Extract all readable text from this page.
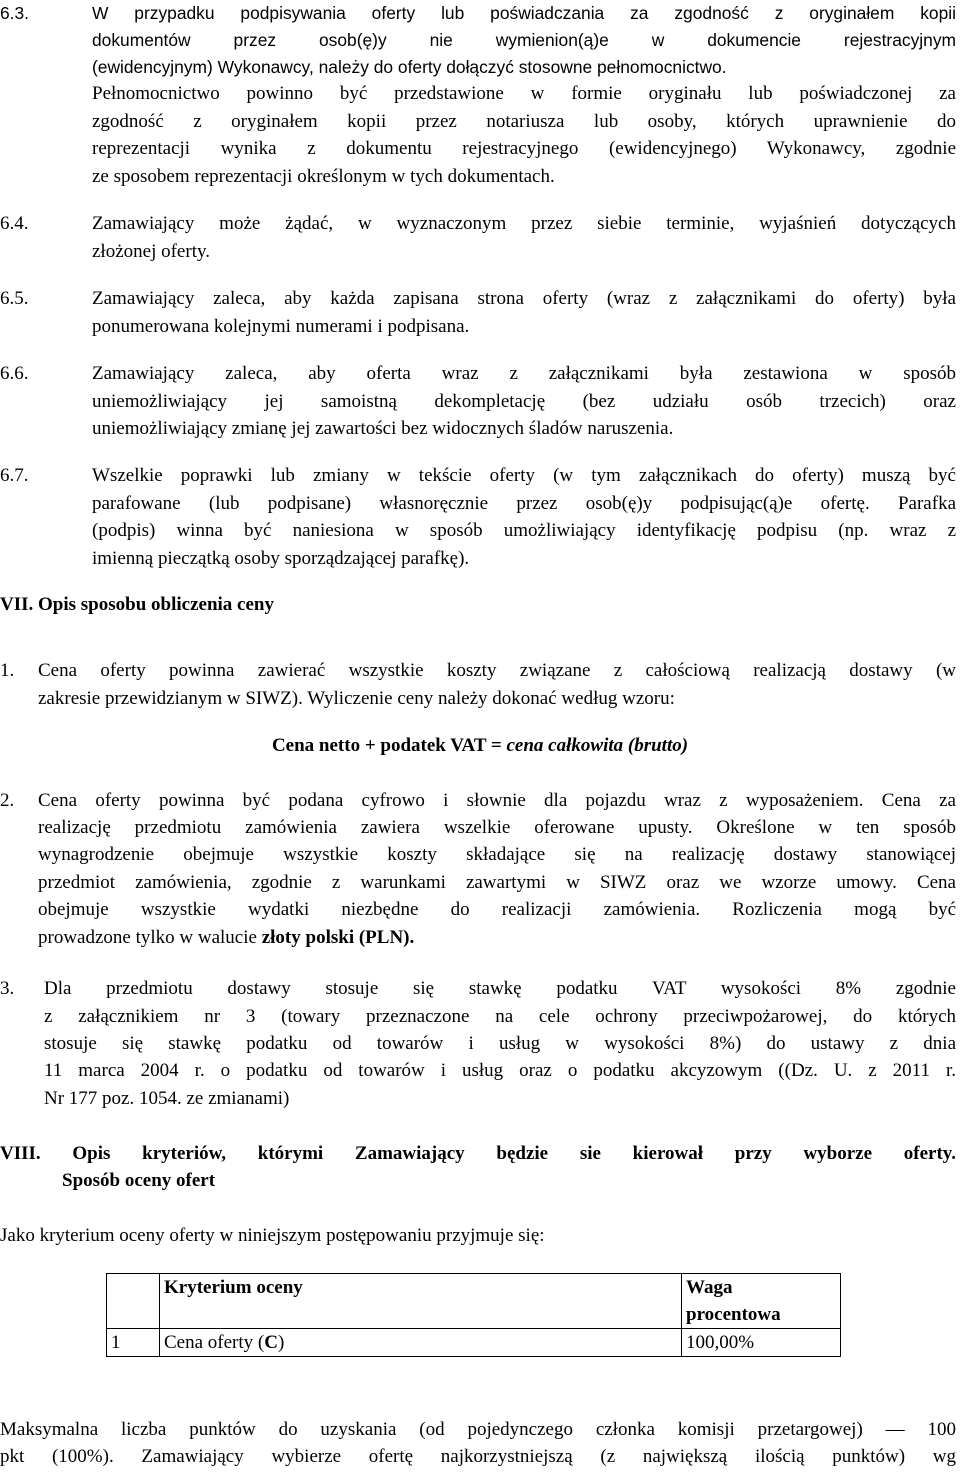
6.3.	W przypadku podpisywania oferty lub poświadczania za zgodność z oryginałem kopii
dokumentów przez osob(ę)y nie wymienion(ą)e w dokumencie rejestracyjnym
(ewidencyjnym) Wykonawcy, należy do oferty dołączyć stosowne pełnomocnictwo.
Pełnomocnictwo powinno być przedstawione w formie oryginału lub poświadczonej za
zgodność z oryginałem kopii przez notariusza lub osoby, których uprawnienie do
reprezentacji wynika z dokumentu rejestracyjnego (ewidencyjnego) Wykonawcy, zgodnie
ze sposobem reprezentacji określonym w tych dokumentach.
6.4.	Zamawiający może żądać, w wyznaczonym przez siebie terminie, wyjaśnień dotyczących
złożonej oferty.
6.5.	Zamawiający zaleca, aby każda zapisana strona oferty (wraz z załącznikami do oferty) była
ponumerowana kolejnymi numerami i podpisana.
6.6.	Zamawiający zaleca, aby oferta wraz z załącznikami była zestawiona w sposób
uniemożliwiający jej samoistną dekompletację (bez udziału osób trzecich) oraz
uniemożliwiający zmianę jej zawartości bez widocznych śladów naruszenia.
6.7.	Wszelkie poprawki lub zmiany w tekście oferty (w tym załącznikach do oferty) muszą być
parafowane (lub podpisane) własnoręcznie przez osob(ę)y podpisując(ą)e ofertę. Parafka
(podpis) winna być naniesiona w sposób umożliwiający identyfikację podpisu (np. wraz z
imienną pieczątką osoby sporządzającej parafkę).
VII. Opis sposobu obliczenia ceny
1. Cena oferty powinna zawierać wszystkie koszty związane z całościową realizacją dostawy (w
zakresie przewidzianym w SIWZ). Wyliczenie ceny należy dokonać według wzoru:
Cena netto + podatek VAT = cena całkowita (brutto)
2. Cena oferty powinna być podana cyfrowo i słownie dla pojazdu wraz z wyposażeniem. Cena za
realizację przedmiotu zamówienia zawiera wszelkie oferowane upusty. Określone w ten sposób
wynagrodzenie obejmuje wszystkie koszty składające się na realizację dostawy stanowiącej
przedmiot zamówienia, zgodnie z warunkami zawartymi w SIWZ oraz we wzorze umowy. Cena
obejmuje wszystkie wydatki niezbędne do realizacji zamówienia. Rozliczenia mogą być
prowadzone tylko w walucie złoty polski (PLN).
3. Dla przedmiotu dostawy stosuje się stawkę podatku VAT wysokości 8% zgodnie
z załącznikiem nr 3 (towary przeznaczone na cele ochrony przeciwpożarowej, do których
stosuje się stawkę podatku od towarów i usług w wysokości 8%) do ustawy z dnia
11 marca 2004 r. o podatku od towarów i usług oraz o podatku akcyzowym ((Dz. U. z 2011 r.
Nr 177 poz. 1054. ze zmianami)
VIII. Opis kryteriów, którymi Zamawiający będzie sie kierował przy wyborze oferty.
Sposób oceny ofert
Jako kryterium oceny oferty w niniejszym postępowaniu przyjmuje się:
	Kryterium oceny	Waga
procentowa
1	Cena oferty (C)	100,00%
Maksymalna liczba punktów do uzyskania (od pojedynczego członka komisji przetargowej) — 100
pkt (100%). Zamawiający wybierze ofertę najkorzystniejszą (z największą ilością punktów) wg
